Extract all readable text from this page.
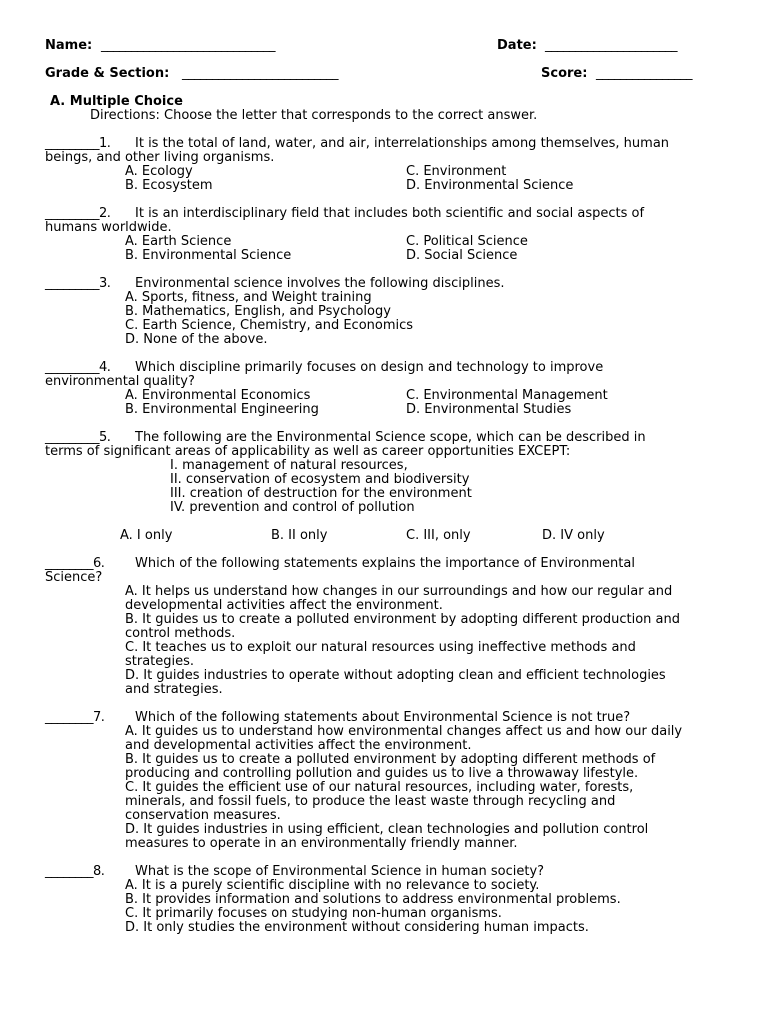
Name: _____________________________	Date: ______________________
Grade & Section: __________________________	Score: ________________
A. Multiple Choice
Directions: Choose the letter that corresponds to the correct answer.
_________1. It is the total of land, water, and air, interrelationships among themselves, human
beings, and other living organisms.
A. Ecology
B. Ecosystem
C. Environment
D. Environmental Science
_________2. It is an interdisciplinary field that includes both scientific and social aspects of
humans worldwide.
A. Earth Science
B. Environmental Science
C. Political Science
D. Social Science
_________3. Environmental science involves the following disciplines.
A. Sports, fitness, and Weight training
B. Mathematics, English, and Psychology
C. Earth Science, Chemistry, and Economics
D. None of the above.
_________4. Which discipline primarily focuses on design and technology to improve
environmental quality?
A. Environmental Economics
B. Environmental Engineering
C. Environmental Management
D. Environmental Studies
_________5. The following are the Environmental Science scope, which can be described in
terms of significant areas of applicability as well as career opportunities EXCEPT:
I. management of natural resources,
II. conservation of ecosystem and biodiversity
III. creation of destruction for the environment
IV. prevention and control of pollution
A. I only	B. II only	C. III, only	D. IV only
________6. Which of the following statements explains the importance of Environmental
Science?
A. It helps us understand how changes in our surroundings and how our regular and
developmental activities affect the environment.
B. It guides us to create a polluted environment by adopting different production and
control methods.
C. It teaches us to exploit our natural resources using ineffective methods and
strategies.
D. It guides industries to operate without adopting clean and efficient technologies
and strategies.
________7. Which of the following statements about Environmental Science is not true?
A. It guides us to understand how environmental changes affect us and how our daily
and developmental activities affect the environment.
B. It guides us to create a polluted environment by adopting different methods of
producing and controlling pollution and guides us to live a throwaway lifestyle.
C. It guides the efficient use of our natural resources, including water, forests,
minerals, and fossil fuels, to produce the least waste through recycling and
conservation measures.
D. It guides industries in using efficient, clean technologies and pollution control
measures to operate in an environmentally friendly manner.
________8. What is the scope of Environmental Science in human society?
A. It is a purely scientific discipline with no relevance to society.
B. It provides information and solutions to address environmental problems.
C. It primarily focuses on studying non-human organisms.
D. It only studies the environment without considering human impacts.
